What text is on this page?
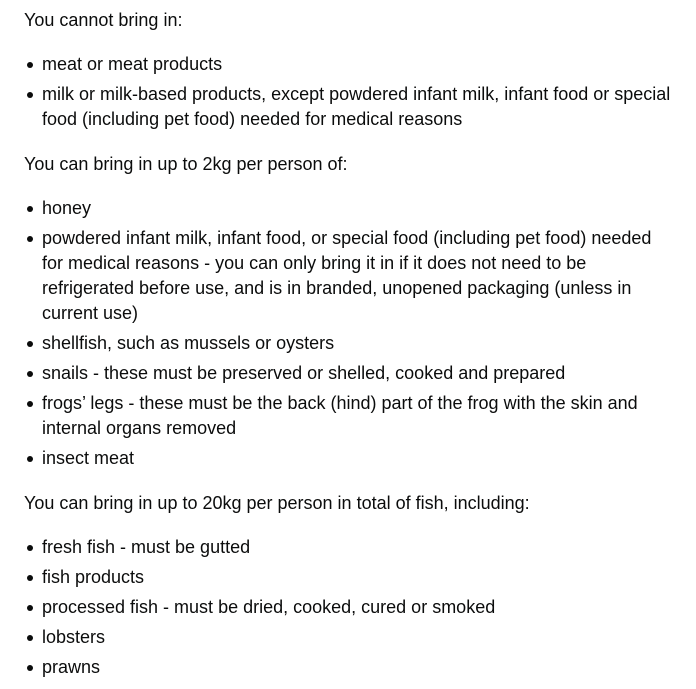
You cannot bring in:

meat or meat products
milk or milk-based products, except powdered infant milk, infant food or special food (including pet food) needed for medical reasons

You can bring in up to 2kg per person of:

honey
powdered infant milk, infant food, or special food (including pet food) needed for medical reasons - you can only bring it in if it does not need to be refrigerated before use, and is in branded, unopened packaging (unless in current use)
shellfish, such as mussels or oysters
snails - these must be preserved or shelled, cooked and prepared
frogs’ legs - these must be the back (hind) part of the frog with the skin and internal organs removed
insect meat

You can bring in up to 20kg per person in total of fish, including:

fresh fish - must be gutted
fish products
processed fish - must be dried, cooked, cured or smoked
lobsters
prawns
